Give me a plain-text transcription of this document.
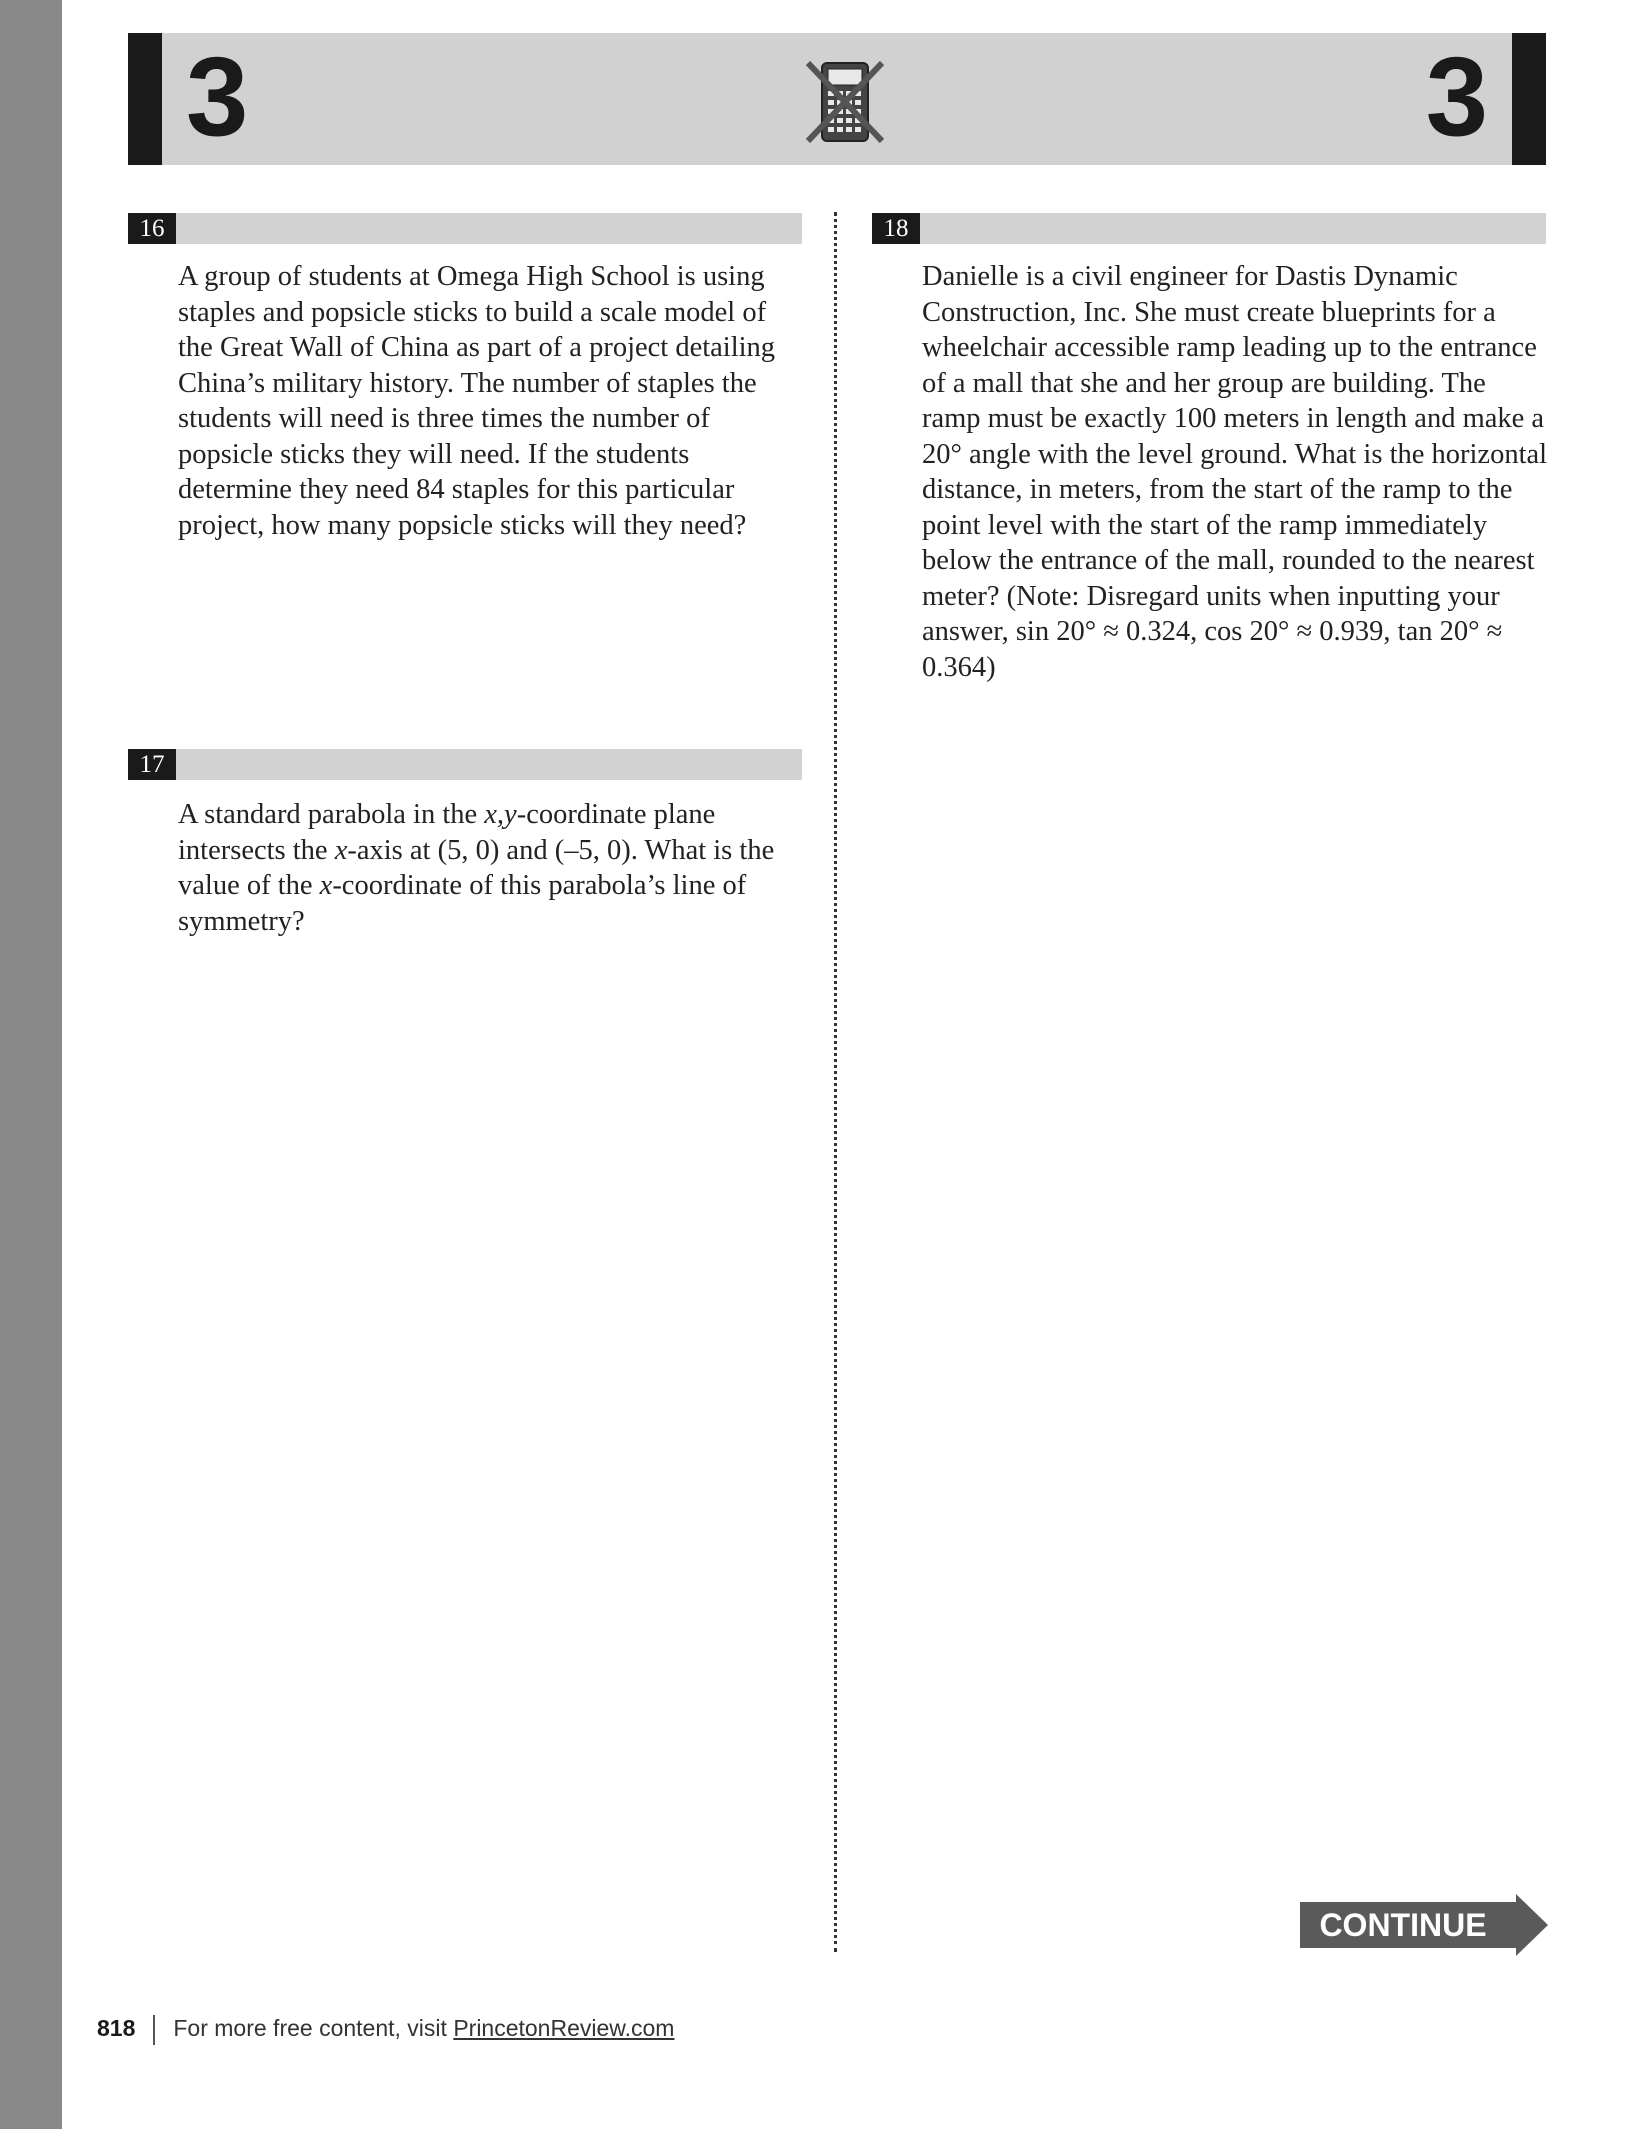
3	3
16

A group of students at Omega High School is using staples and popsicle sticks to build a scale model of the Great Wall of China as part of a project detailing China’s military history. The number of staples the students will need is three times the number of popsicle sticks they will need. If the students determine they need 84 staples for this particular project, how many popsicle sticks will they need?

17

A standard parabola in the x,y-coordinate plane intersects the x-axis at (5, 0) and (–5, 0). What is the value of the x-coordinate of this parabola’s line of symmetry?

18

Danielle is a civil engineer for Dastis Dynamic Construction, Inc. She must create blueprints for a wheelchair accessible ramp leading up to the entrance of a mall that she and her group are building. The ramp must be exactly 100 meters in length and make a 20° angle with the level ground. What is the horizontal distance, in meters, from the start of the ramp to the point level with the start of the ramp immediately below the entrance of the mall, rounded to the nearest meter? (Note: Disregard units when inputting your answer, sin 20° ≈ 0.324, cos 20° ≈ 0.939, tan 20° ≈ 0.364)

CONTINUE
818 For more free content, visit PrincetonReview.com
